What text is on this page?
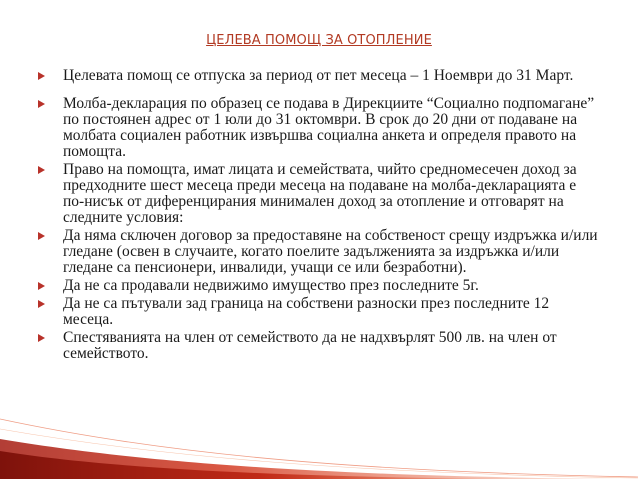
ЦЕЛЕВА ПОМОЩ ЗА ОТОПЛЕНИЕ
Целевата помощ се отпуска за период от пет месеца – 1 Ноември до 31 Март.
Молба-декларация по образец се подава в Дирекциите “Социално подпомагане” по постоянен адрес от 1 юли до 31 октомври. В срок до 20 дни от подаване на молбата социален работник извършва социална анкета и определя правото на помощта.
Право на помощта, имат лицата и семействата, чийто средномесечен доход за предходните шест месеца преди месеца на подаване на молба-декларацията е по-нисък от диференцирания минимален доход за отопление и отговарят на следните условия:
Да няма сключен договор за предоставяне на собственост срещу издръжка и/или гледане (освен в случаите, когато поелите задълженията за издръжка и/или гледане са пенсионери, инвалиди, учащи се или безработни).
Да не са продавали недвижимо имущество през последните 5г.
Да не са пътували зад граница на собствени разноски през последните 12 месеца.
Спестяванията на член от семейството да не надхвърлят 500 лв. на член от семейството.
